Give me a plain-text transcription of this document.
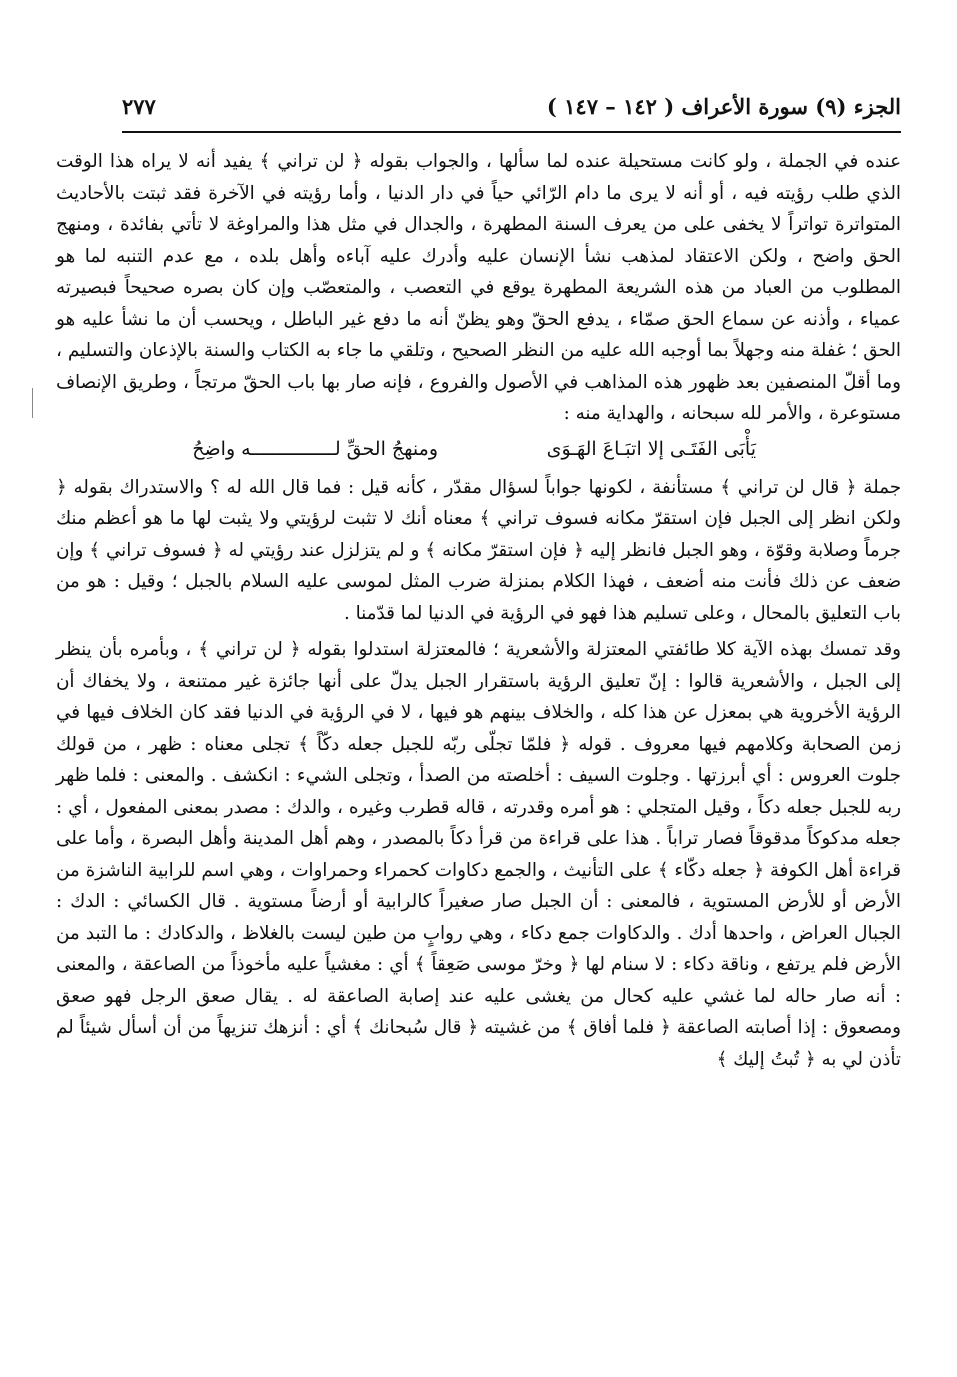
الجزء (٩) سورة الأعراف ( ١٤٢ – ١٤٧ )
٢٧٧

عنده في الجملة ، ولو كانت مستحيلة عنده لما سألها ، والجواب بقوله ﴿ لن تراني ﴾ يفيد أنه لا يراه هذا الوقت الذي طلب رؤيته فيه ، أو أنه لا يرى ما دام الرّائي حياً في دار الدنيا ، وأما رؤيته في الآخرة فقد ثبتت بالأحاديث المتواترة تواتراً لا يخفى على من يعرف السنة المطهرة ، والجدال في مثل هذا والمراوغة لا تأتي بفائدة ، ومنهج الحق واضح ، ولكن الاعتقاد لمذهب نشأ الإنسان عليه وأدرك عليه آباءه وأهل بلده ، مع عدم التنبه لما هو المطلوب من العباد من هذه الشريعة المطهرة يوقع في التعصب ، والمتعصّب وإن كان بصره صحيحاً فبصيرته عمياء ، وأذنه عن سماع الحق صمّاء ، يدفع الحقّ وهو يظنّ أنه ما دفع غير الباطل ، ويحسب أن ما نشأ عليه هو الحق ؛ غفلة منه وجهلاً بما أوجبه الله عليه من النظر الصحيح ، وتلقي ما جاء به الكتاب والسنة بالإذعان والتسليم ، وما أقلّ المنصفين بعد ظهور هذه المذاهب في الأصول والفروع ، فإنه صار بها باب الحقّ مرتجاً ، وطريق الإنصاف مستوعرة ، والأمر لله سبحانه ، والهداية منه :

يَأْبَى الفَتَـى إلا اتبَـاعَ الهَـوَى
ومنهجُ الحقِّ لـــــــــــــــه واضِحُ

جملة ﴿ قال لن تراني ﴾ مستأنفة ، لكونها جواباً لسؤال مقدّر ، كأنه قيل : فما قال الله له ؟ والاستدراك بقوله ﴿ ولكن انظر إلى الجبل فإن استقرّ مكانه فسوف تراني ﴾ معناه أنك لا تثبت لرؤيتي ولا يثبت لها ما هو أعظم منك جرماً وصلابة وقوّة ، وهو الجبل فانظر إليه ﴿ فإن استقرّ مكانه ﴾ و لم يتزلزل عند رؤيتي له ﴿ فسوف تراني ﴾ وإن ضعف عن ذلك فأنت منه أضعف ، فهذا الكلام بمنزلة ضرب المثل لموسى عليه السلام بالجبل ؛ وقيل : هو من باب التعليق بالمحال ، وعلى تسليم هذا فهو في الرؤية في الدنيا لما قدّمنا .

وقد تمسك بهذه الآية كلا طائفتي المعتزلة والأشعرية ؛ فالمعتزلة استدلوا بقوله ﴿ لن تراني ﴾ ، وبأمره بأن ينظر إلى الجبل ، والأشعرية قالوا : إنّ تعليق الرؤية باستقرار الجبل يدلّ على أنها جائزة غير ممتنعة ، ولا يخفاك أن الرؤية الأخروية هي بمعزل عن هذا كله ، والخلاف بينهم هو فيها ، لا في الرؤية في الدنيا فقد كان الخلاف فيها في زمن الصحابة وكلامهم فيها معروف . قوله ﴿ فلمّا تجلّى ربّه للجبل جعله دكّاً ﴾ تجلى معناه : ظهر ، من قولك جلوت العروس : أي أبرزتها . وجلوت السيف : أخلصته من الصدأ ، وتجلى الشيء : انكشف . والمعنى : فلما ظهر ربه للجبل جعله دكاً ، وقيل المتجلي : هو أمره وقدرته ، قاله قطرب وغيره ، والدك : مصدر بمعنى المفعول ، أي : جعله مدكوكاً مدقوقاً فصار تراباً . هذا على قراءة من قرأ دكاً بالمصدر ، وهم أهل المدينة وأهل البصرة ، وأما على قراءة أهل الكوفة ﴿ جعله دكّاء ﴾ على التأنيث ، والجمع دكاوات كحمراء وحمراوات ، وهي اسم للرابية الناشزة من الأرض أو للأرض المستوية ، فالمعنى : أن الجبل صار صغيراً كالرابية أو أرضاً مستوية . قال الكسائي : الدك : الجبال العراض ، واحدها أدك . والدكاوات جمع دكاء ، وهي روابٍ من طين ليست بالغلاظ ، والدكادك : ما التبد من الأرض فلم يرتفع ، وناقة دكاء : لا سنام لها ﴿ وخرّ موسى صَعِقاً ﴾ أي : مغشياً عليه مأخوذاً من الصاعقة ، والمعنى : أنه صار حاله لما غشي عليه كحال من يغشى عليه عند إصابة الصاعقة له . يقال صعق الرجل فهو صعق ومصعوق : إذا أصابته الصاعقة ﴿ فلما أفاق ﴾ من غشيته ﴿ قال سُبحانك ﴾ أي : أنزهك تنزيهاً من أن أسأل شيئاً لم تأذن لي به ﴿ تُبتُ إليك ﴾
